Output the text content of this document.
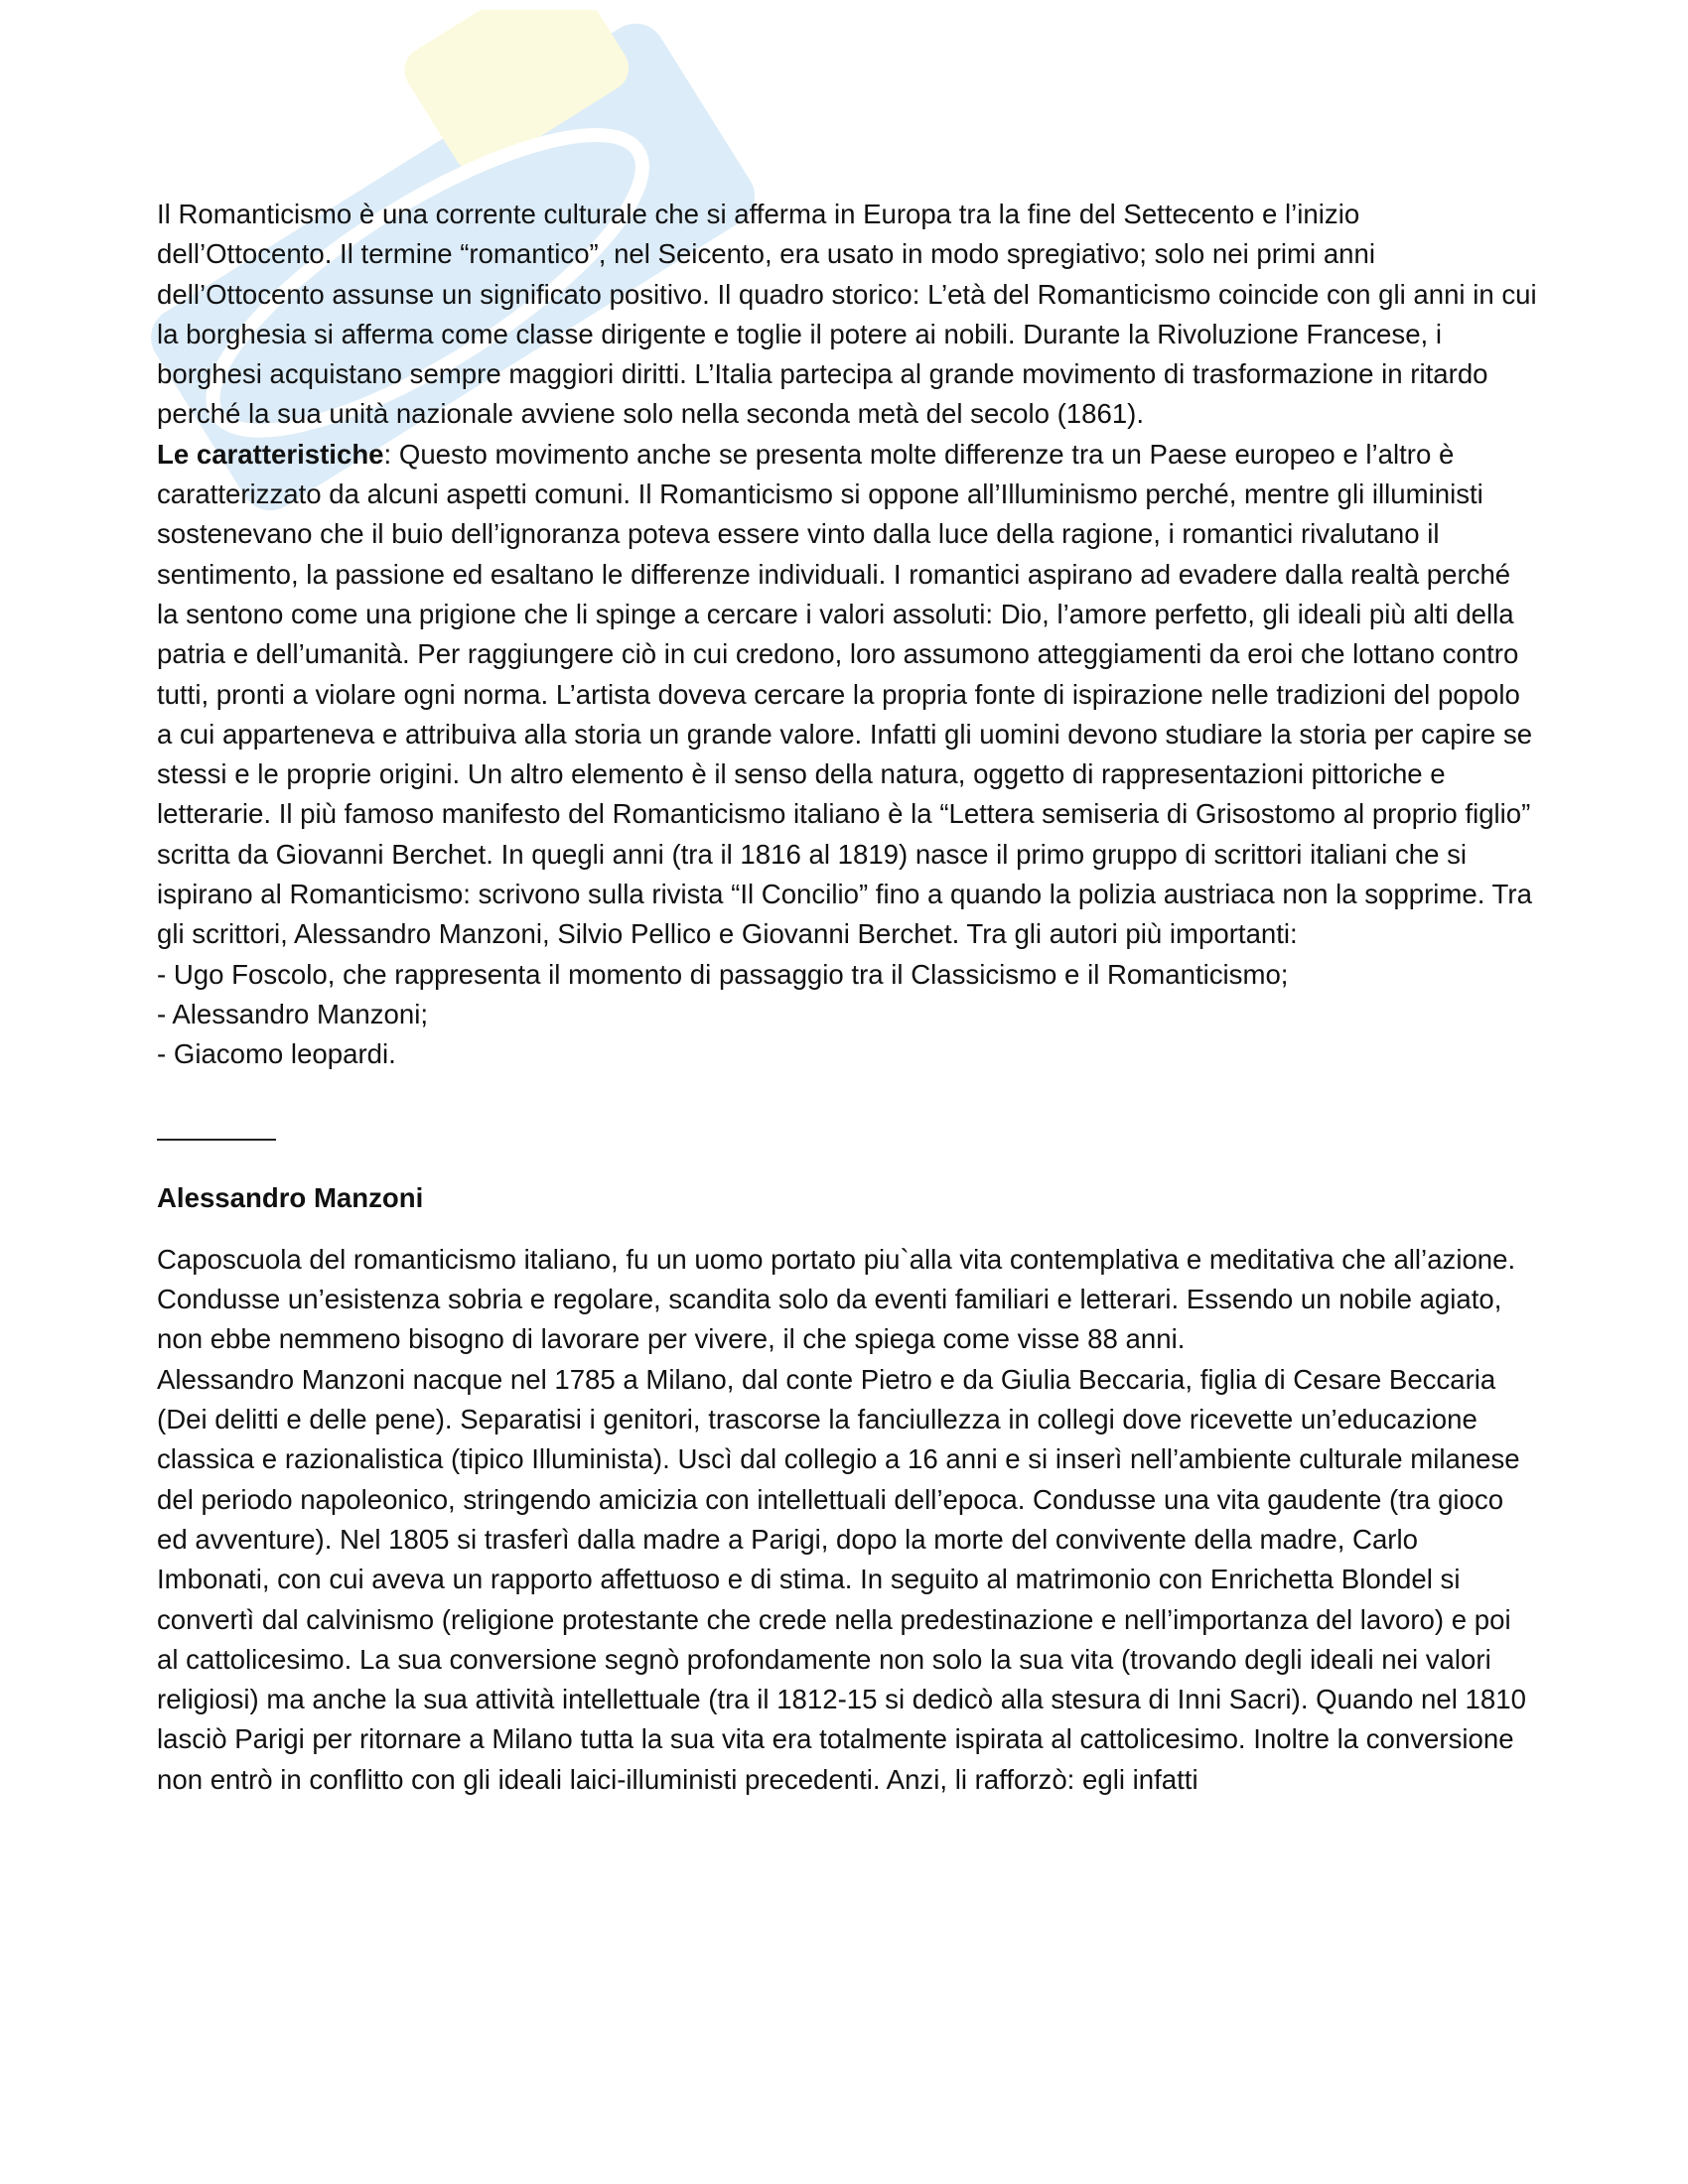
Il Romanticismo è una corrente culturale che si afferma in Europa tra la fine del Settecento e l’inizio dell’Ottocento. Il termine “romantico”, nel Seicento, era usato in modo spregiativo; solo nei primi anni dell’Ottocento assunse un significato positivo. Il quadro storico: L’età del Romanticismo coincide con gli anni in cui la borghesia si afferma come classe dirigente e toglie il potere ai nobili. Durante la Rivoluzione Francese, i borghesi acquistano sempre maggiori diritti. L’Italia partecipa al grande movimento di trasformazione in ritardo perché la sua unità nazionale avviene solo nella seconda metà del secolo (1861).

Le caratteristiche: Questo movimento anche se presenta molte differenze tra un Paese europeo e l’altro è caratterizzato da alcuni aspetti comuni. Il Romanticismo si oppone all’Illuminismo perché, mentre gli illuministi sostenevano che il buio dell’ignoranza poteva essere vinto dalla luce della ragione, i romantici rivalutano il sentimento, la passione ed esaltano le differenze individuali. I romantici aspirano ad evadere dalla realtà perché la sentono come una prigione che li spinge a cercare i valori assoluti: Dio, l’amore perfetto, gli ideali più alti della patria e dell’umanità. Per raggiungere ciò in cui credono, loro assumono atteggiamenti da eroi che lottano contro tutti, pronti a violare ogni norma. L’artista doveva cercare la propria fonte di ispirazione nelle tradizioni del popolo a cui apparteneva e attribuiva alla storia un grande valore. Infatti gli uomini devono studiare la storia per capire se stessi e le proprie origini. Un altro elemento è il senso della natura, oggetto di rappresentazioni pittoriche e letterarie. Il più famoso manifesto del Romanticismo italiano è la “Lettera semiseria di Grisostomo al proprio figlio” scritta da Giovanni Berchet. In quegli anni (tra il 1816 al 1819) nasce il primo gruppo di scrittori italiani che si ispirano al Romanticismo: scrivono sulla rivista “Il Concilio” fino a quando la polizia austriaca non la sopprime. Tra gli scrittori, Alessandro Manzoni, Silvio Pellico e Giovanni Berchet. Tra gli autori più importanti:

- Ugo Foscolo, che rappresenta il momento di passaggio tra il Classicismo e il Romanticismo;

- Alessandro Manzoni;

- Giacomo leopardi.

Alessandro Manzoni

Caposcuola del romanticismo italiano, fu un uomo portato piu`alla vita contemplativa e meditativa che all’azione. Condusse un’esistenza sobria e regolare, scandita solo da eventi familiari e letterari. Essendo un nobile agiato, non ebbe nemmeno bisogno di lavorare per vivere, il che spiega come visse 88 anni.

Alessandro Manzoni nacque nel 1785 a Milano, dal conte Pietro e da Giulia Beccaria, figlia di Cesare Beccaria (Dei delitti e delle pene). Separatisi i genitori, trascorse la fanciullezza in collegi dove ricevette un’educazione classica e razionalistica (tipico Illuminista). Uscì dal collegio a 16 anni e si inserì nell’ambiente culturale milanese del periodo napoleonico, stringendo amicizia con intellettuali dell’epoca. Condusse una vita gaudente (tra gioco ed avventure). Nel 1805 si trasferì dalla madre a Parigi, dopo la morte del convivente della madre, Carlo Imbonati, con cui aveva un rapporto affettuoso e di stima. In seguito al matrimonio con Enrichetta Blondel si convertì dal calvinismo (religione protestante che crede nella predestinazione e nell’importanza del lavoro) e poi al cattolicesimo. La sua conversione segnò profondamente non solo la sua vita (trovando degli ideali nei valori religiosi) ma anche la sua attività intellettuale (tra il 1812-15 si dedicò alla stesura di Inni Sacri). Quando nel 1810 lasciò Parigi per ritornare a Milano tutta la sua vita era totalmente ispirata al cattolicesimo. Inoltre la conversione non entrò in conflitto con gli ideali laici-illuministi precedenti. Anzi, li rafforzò: egli infatti
